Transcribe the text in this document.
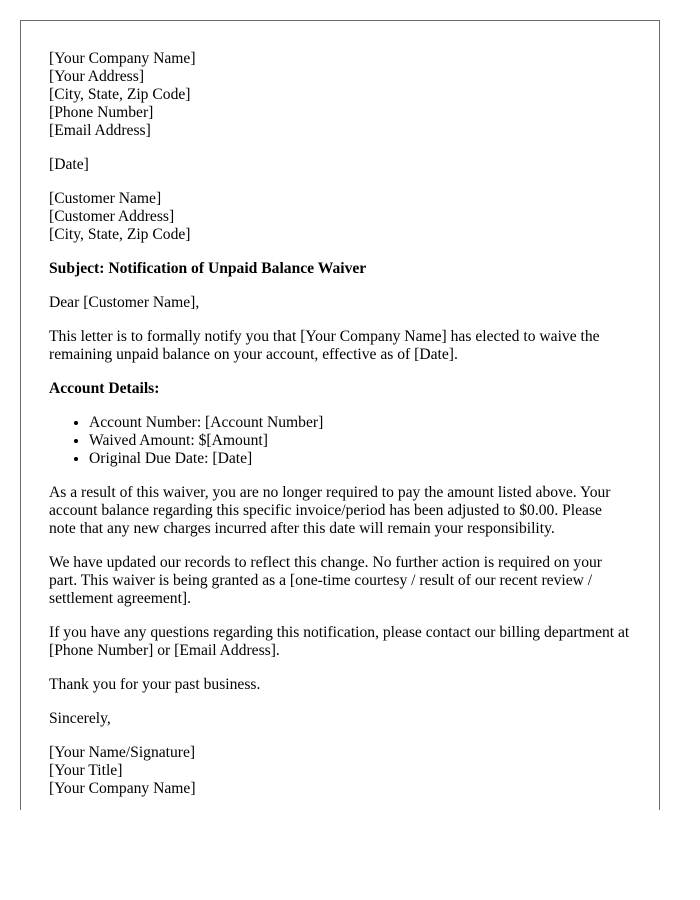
[Your Company Name]
[Your Address]
[City, State, Zip Code]
[Phone Number]
[Email Address]
[Date]
[Customer Name]
[Customer Address]
[City, State, Zip Code]
Subject: Notification of Unpaid Balance Waiver
Dear [Customer Name],

This letter is to formally notify you that [Your Company Name] has elected to waive the remaining unpaid balance on your account, effective as of [Date].

Account Details:
• Account Number: [Account Number]
• Waived Amount: $[Amount]
• Original Due Date: [Date]

As a result of this waiver, you are no longer required to pay the amount listed above. Your account balance regarding this specific invoice/period has been adjusted to $0.00. Please note that any new charges incurred after this date will remain your responsibility.

We have updated our records to reflect this change. No further action is required on your part. This waiver is being granted as a [one-time courtesy / result of our recent review / settlement agreement].

If you have any questions regarding this notification, please contact our billing department at [Phone Number] or [Email Address].

Thank you for your past business.

Sincerely,
[Your Name/Signature]
[Your Title]
[Your Company Name]
